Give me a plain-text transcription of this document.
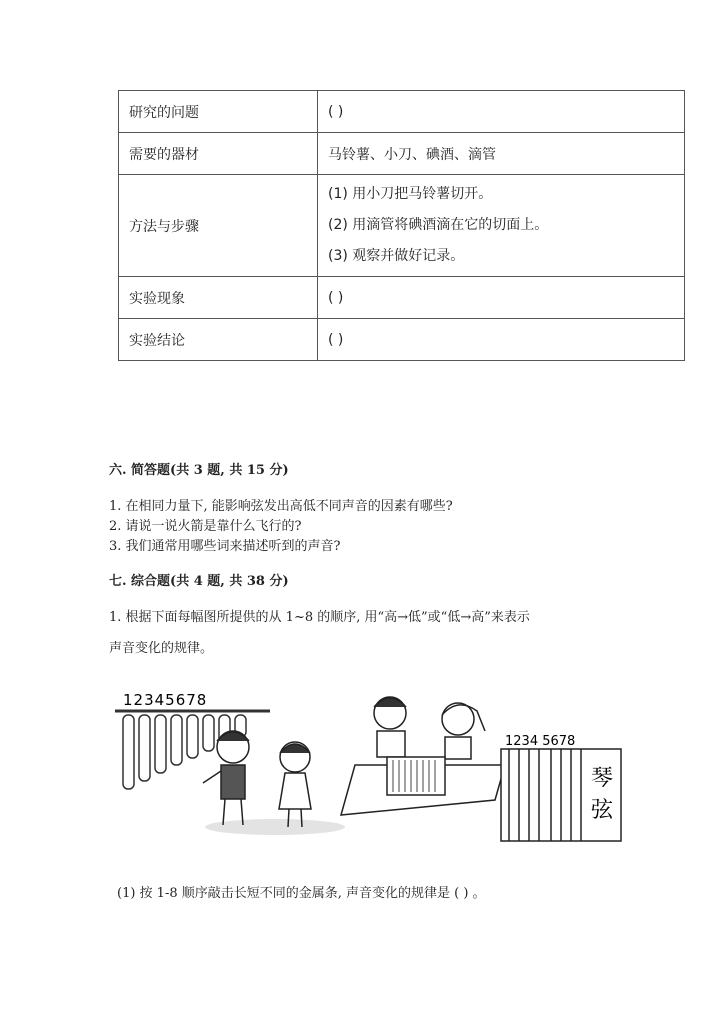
研究的问题	( )
需要的器材	马铃薯、小刀、碘酒、滴管
方法与步骤	(1) 用小刀把马铃薯切开。
(2) 用滴管将碘酒滴在它的切面上。
(3) 观察并做好记录。

实验现象	( )
实验结论	( )
六. 简答题(共 3 题, 共 15 分)
1. 在相同力量下, 能影响弦发出高低不同声音的因素有哪些?
2. 请说一说火箭是靠什么飞行的?
3. 我们通常用哪些词来描述听到的声音?
七. 综合题(共 4 题, 共 38 分)
1. 根据下面每幅图所提供的从 1~8 的顺序, 用“高→低”或“低→高”来表示
声音变化的规律。
12345678
1234 5678
琴
弦
(1) 按 1-8 顺序敲击长短不同的金属条, 声音变化的规律是 ( ) 。
